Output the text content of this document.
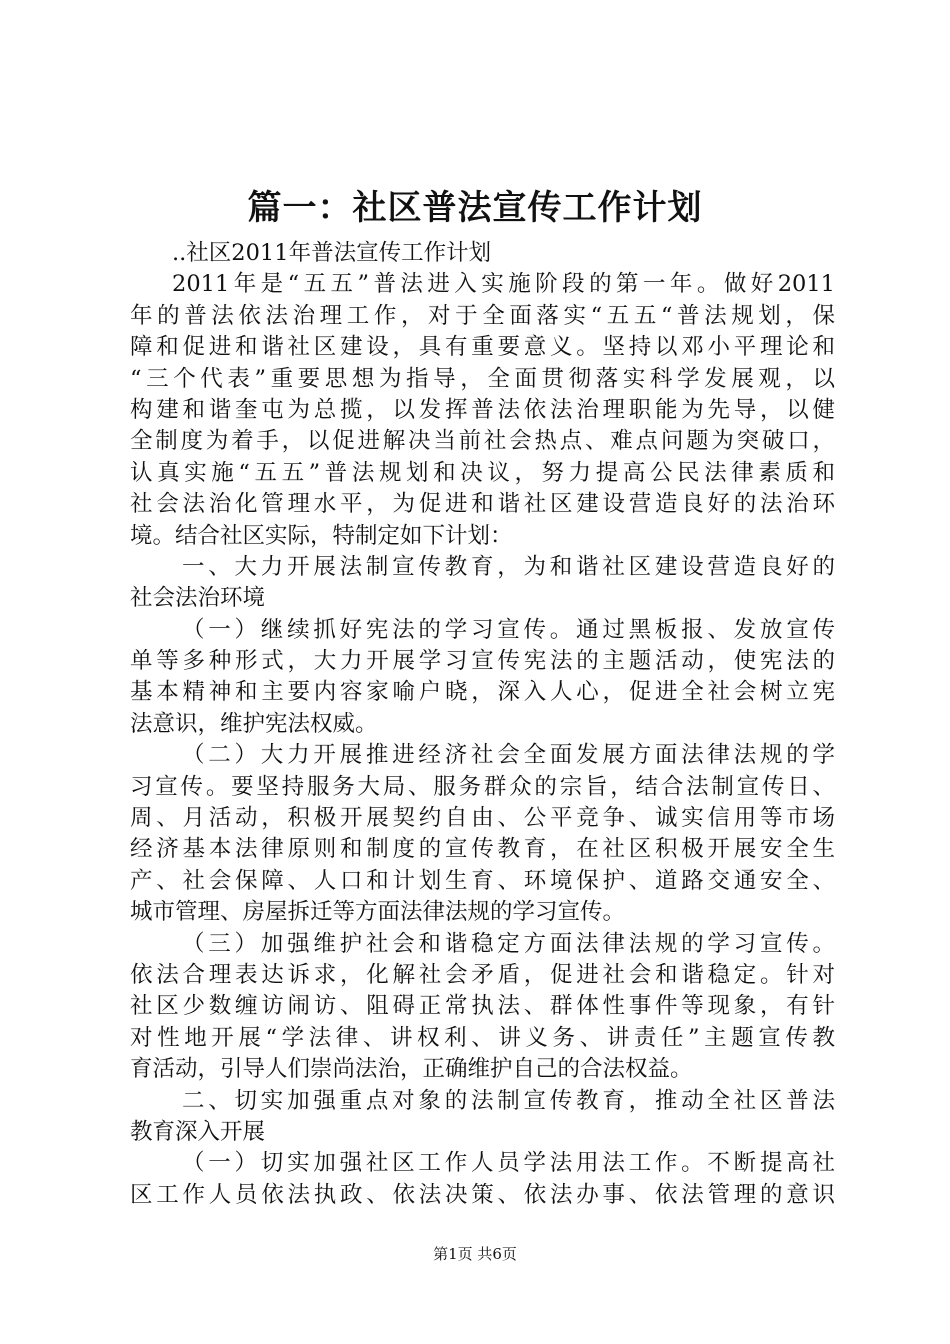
篇一：社区普法宣传工作计划
..社区2011年普法宣传工作计划
2011年是“五五”普法进入实施阶段的第一年。做好2011
年的普法依法治理工作，对于全面落实“五五“普法规划，保
障和促进和谐社区建设，具有重要意义。坚持以邓小平理论和
“三个代表”重要思想为指导，全面贯彻落实科学发展观，以
构建和谐奎屯为总揽，以发挥普法依法治理职能为先导，以健
全制度为着手，以促进解决当前社会热点、难点问题为突破口，
认真实施“五五”普法规划和决议，努力提高公民法律素质和
社会法治化管理水平，为促进和谐社区建设营造良好的法治环
境。结合社区实际，特制定如下计划：
一、大力开展法制宣传教育，为和谐社区建设营造良好的
社会法治环境
（一）继续抓好宪法的学习宣传。通过黑板报、发放宣传
单等多种形式，大力开展学习宣传宪法的主题活动，使宪法的
基本精神和主要内容家喻户晓，深入人心，促进全社会树立宪
法意识，维护宪法权威。
（二）大力开展推进经济社会全面发展方面法律法规的学
习宣传。要坚持服务大局、服务群众的宗旨，结合法制宣传日、
周、月活动，积极开展契约自由、公平竞争、诚实信用等市场
经济基本法律原则和制度的宣传教育，在社区积极开展安全生
产、社会保障、人口和计划生育、环境保护、道路交通安全、
城市管理、房屋拆迁等方面法律法规的学习宣传。
（三）加强维护社会和谐稳定方面法律法规的学习宣传。
依法合理表达诉求，化解社会矛盾，促进社会和谐稳定。针对
社区少数缠访闹访、阻碍正常执法、群体性事件等现象，有针
对性地开展“学法律、讲权利、讲义务、讲责任”主题宣传教
育活动，引导人们崇尚法治，正确维护自己的合法权益。
二、切实加强重点对象的法制宣传教育，推动全社区普法
教育深入开展
（一）切实加强社区工作人员学法用法工作。不断提高社
区工作人员依法执政、依法决策、依法办事、依法管理的意识
第1页 共6页
